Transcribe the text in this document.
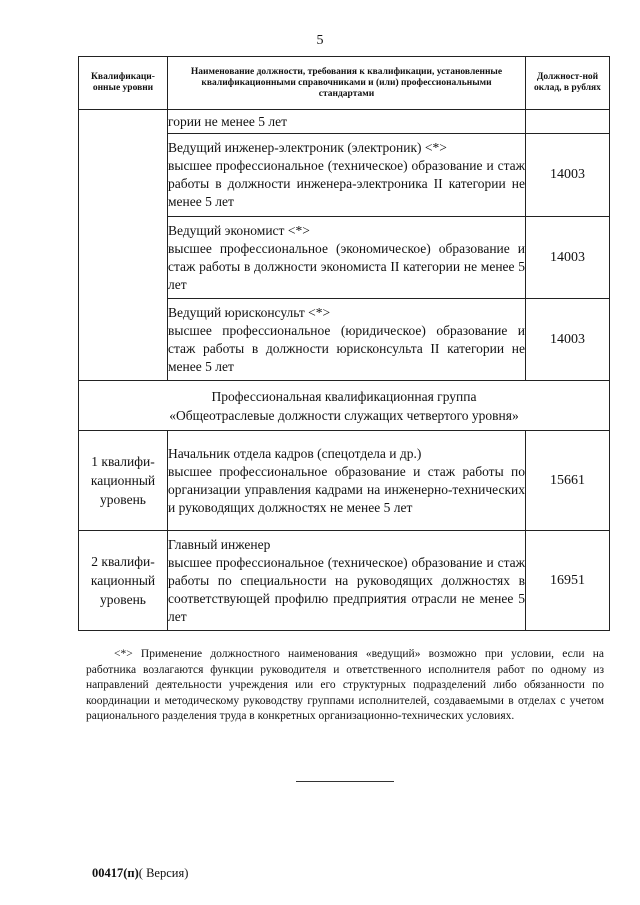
5
Квалификаци-онные уровни	Наименование должности, требования к квалификации, установленные квалификационными справочниками и (или) профессиональными стандартами	Должност-ной оклад, в рублях
	гории не менее 5 лет	

	Ведущий инженер-электроник (электроник) <*>
высшее профессиональное (техническое) образование и стаж работы в должности инженера-электроника II категории не менее 5 лет	14003

	Ведущий экономист <*>
высшее профессиональное (экономическое) образование и стаж работы в должности экономиста II категории не менее 5 лет	14003

	Ведущий юрисконсульт <*>
высшее профессиональное (юридическое) образование и стаж работы в должности юрисконсульта II категории не менее 5 лет	14003

Профессиональная квалификационная группа
«Общеотраслевые должности служащих четвертого уровня»		

1 квалифи-кационный уровень	Начальник отдела кадров (спецотдела и др.)
высшее профессиональное образование и стаж работы по организации управления кадрами на инженерно-технических и руководящих должностях не менее 5 лет	15661
2 квалифи-кационный уровень	Главный инженер
высшее профессиональное (техническое) образование и стаж работы по специальности на руководящих должностях в соответствующей профилю предприятия отрасли не менее 5 лет	16951
<*> Применение должностного наименования «ведущий» возможно при условии, если на работника возлагаются функции руководителя и ответственного исполнителя работ по одному из направлений деятельности учреждения или его структурных подразделений либо обязанности по координации и методическому руководству группами исполнителей, создаваемыми в отделах с учетом рационального разделения труда в конкретных организационно-технических условиях.
00417(п)( Версия)
